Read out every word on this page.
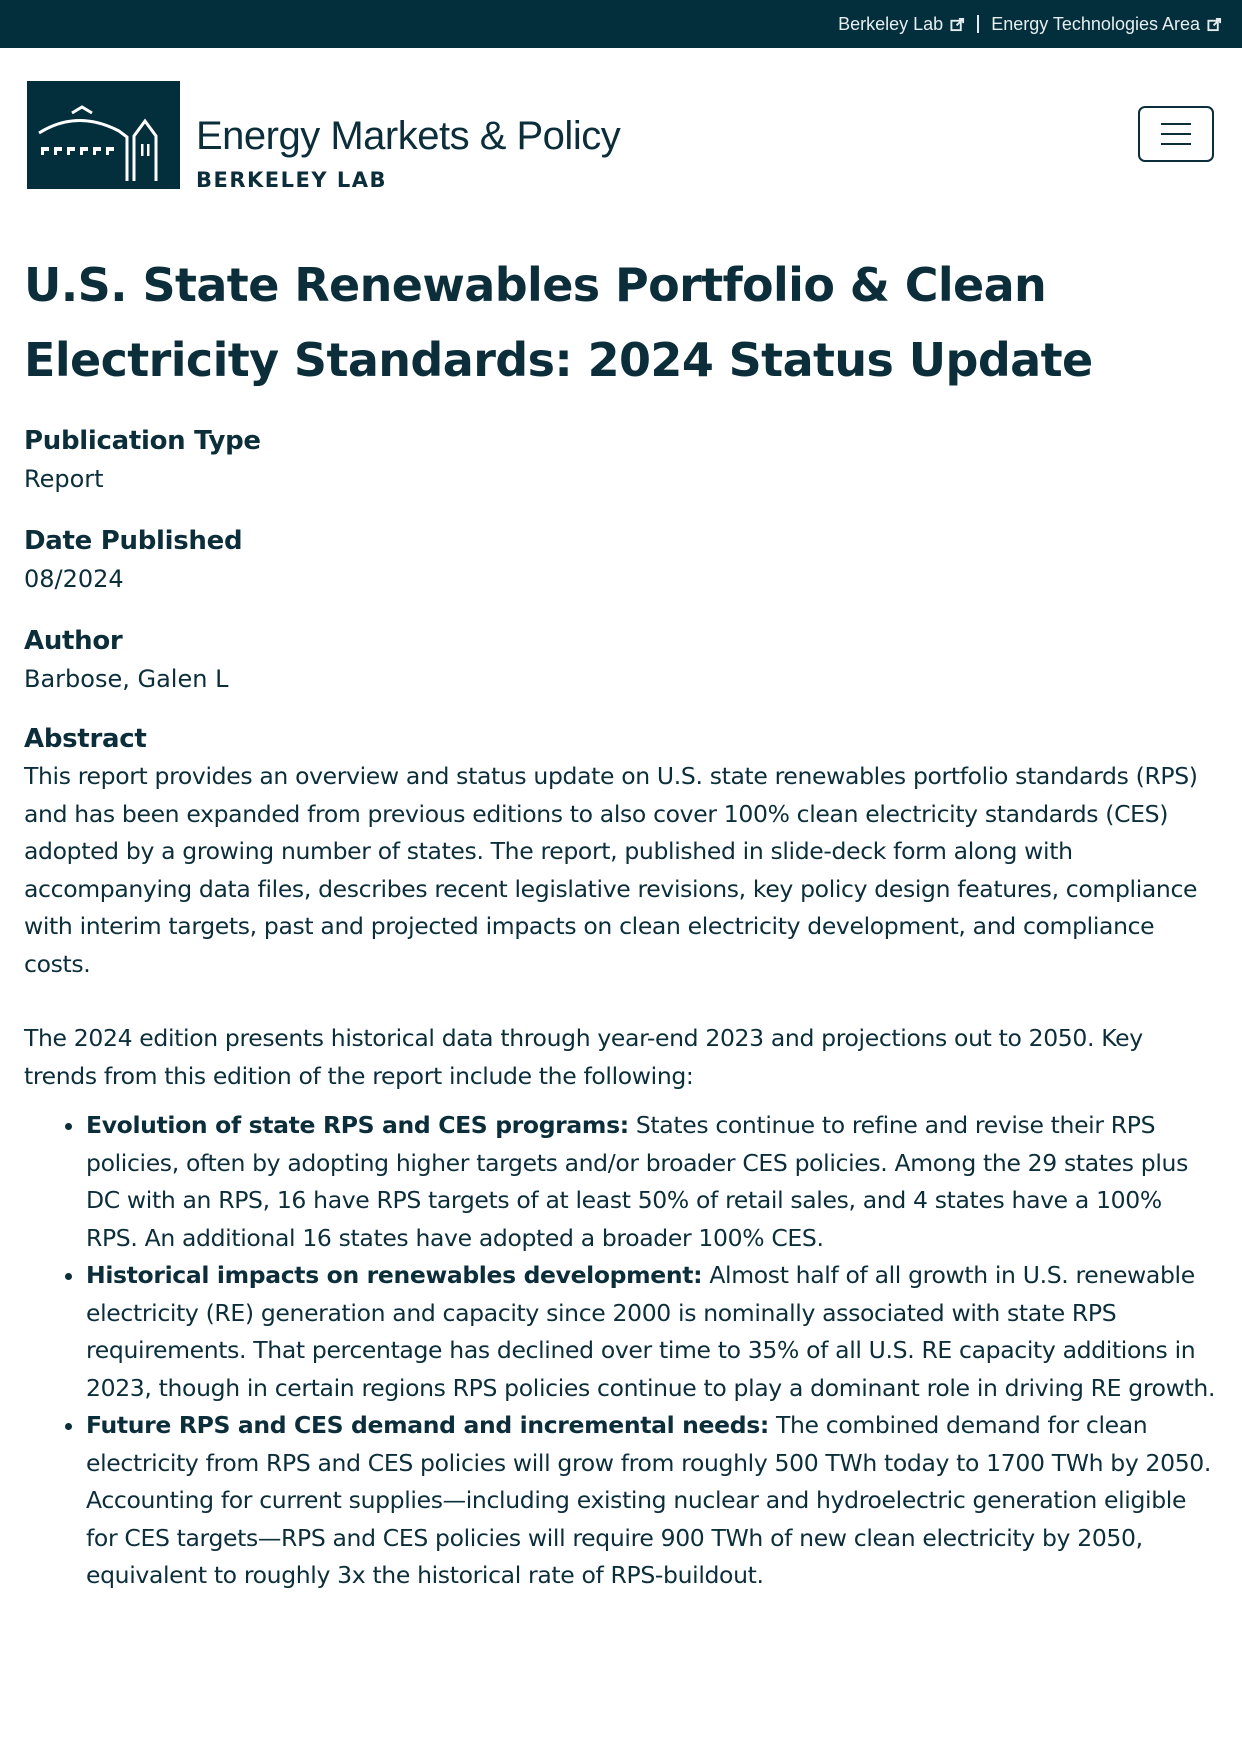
Berkeley Lab	Energy Technologies Area
Energy Markets & Policy
BERKELEY LAB
U.S. State Renewables Portfolio & Clean Electricity Standards: 2024 Status Update
Publication Type
Report
Date Published
08/2024
Author
Barbose, Galen L
Abstract

This report provides an overview and status update on U.S. state renewables portfolio standards (RPS) and has been expanded from previous editions to also cover 100% clean electricity standards (CES) adopted by a growing number of states. The report, published in slide-deck form along with accompanying data files, describes recent legislative revisions, key policy design features, compliance with interim targets, past and projected impacts on clean electricity development, and compliance costs.

The 2024 edition presents historical data through year-end 2023 and projections out to 2050. Key trends from this edition of the report include the following:

• Evolution of state RPS and CES programs: States continue to refine and revise their RPS policies, often by adopting higher targets and/or broader CES policies. Among the 29 states plus DC with an RPS, 16 have RPS targets of at least 50% of retail sales, and 4 states have a 100% RPS. An additional 16 states have adopted a broader 100% CES.
• Historical impacts on renewables development: Almost half of all growth in U.S. renewable electricity (RE) generation and capacity since 2000 is nominally associated with state RPS requirements. That percentage has declined over time to 35% of all U.S. RE capacity additions in 2023, though in certain regions RPS policies continue to play a dominant role in driving RE growth.
• Future RPS and CES demand and incremental needs: The combined demand for clean electricity from RPS and CES policies will grow from roughly 500 TWh today to 1700 TWh by 2050. Accounting for current supplies—including existing nuclear and hydroelectric generation eligible for CES targets—RPS and CES policies will require 900 TWh of new clean electricity by 2050, equivalent to roughly 3x the historical rate of RPS-buildout.
